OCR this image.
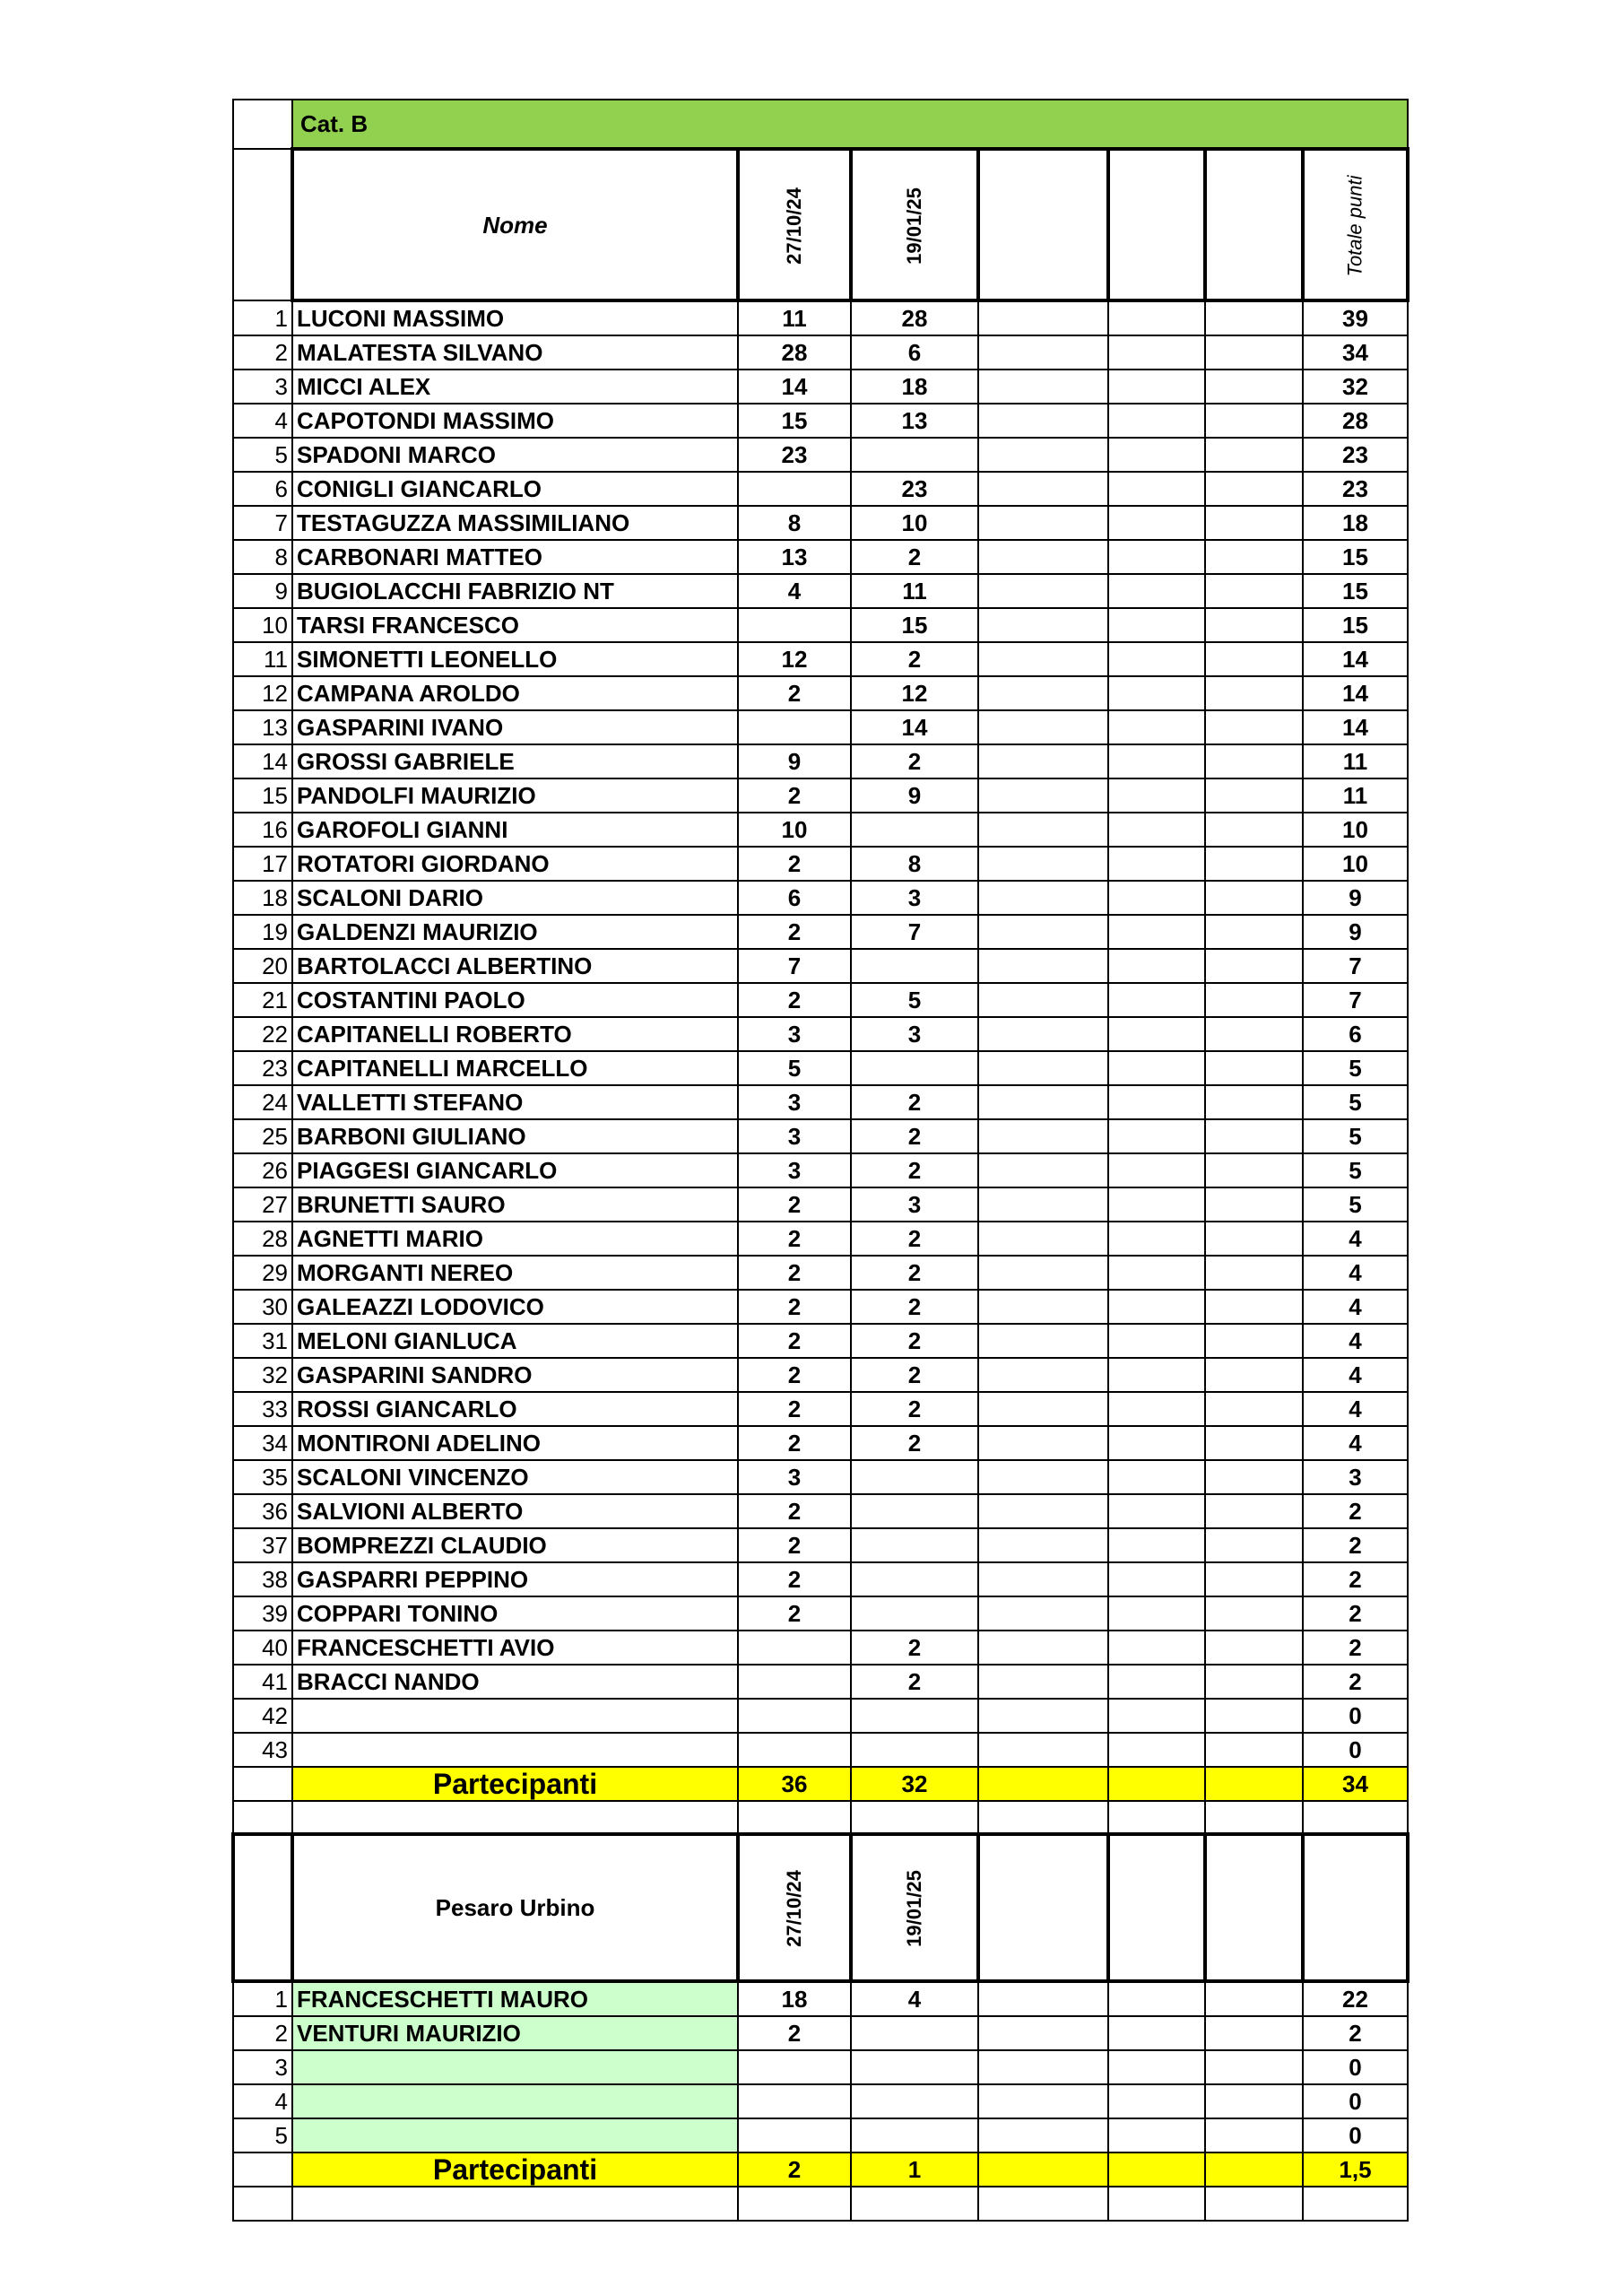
	Cat. B						
	Nome	27/10/24	19/01/25				Totale punti
1	LUCONI MASSIMO	11	28				39
2	MALATESTA SILVANO	28	6				34
3	MICCI ALEX	14	18				32
4	CAPOTONDI MASSIMO	15	13				28
5	SPADONI MARCO	23					23
6	CONIGLI GIANCARLO		23				23
7	TESTAGUZZA MASSIMILIANO	8	10				18
8	CARBONARI MATTEO	13	2				15
9	BUGIOLACCHI FABRIZIO NT	4	11				15
10	TARSI FRANCESCO		15				15
11	SIMONETTI LEONELLO	12	2				14
12	CAMPANA AROLDO	2	12				14
13	GASPARINI IVANO		14				14
14	GROSSI GABRIELE	9	2				11
15	PANDOLFI MAURIZIO	2	9				11
16	GAROFOLI GIANNI	10					10
17	ROTATORI GIORDANO	2	8				10
18	SCALONI DARIO	6	3				9
19	GALDENZI MAURIZIO	2	7				9
20	BARTOLACCI ALBERTINO	7					7
21	COSTANTINI PAOLO	2	5				7
22	CAPITANELLI ROBERTO	3	3				6
23	CAPITANELLI MARCELLO	5					5
24	VALLETTI STEFANO	3	2				5
25	BARBONI GIULIANO	3	2				5
26	PIAGGESI GIANCARLO	3	2				5
27	BRUNETTI SAURO	2	3				5
28	AGNETTI MARIO	2	2				4
29	MORGANTI NEREO	2	2				4
30	GALEAZZI LODOVICO	2	2				4
31	MELONI GIANLUCA	2	2				4
32	GASPARINI SANDRO	2	2				4
33	ROSSI GIANCARLO	2	2				4
34	MONTIRONI ADELINO	2	2				4
35	SCALONI VINCENZO	3					3
36	SALVIONI ALBERTO	2					2
37	BOMPREZZI CLAUDIO	2					2
38	GASPARRI PEPPINO	2					2
39	COPPARI TONINO	2					2
40	FRANCESCHETTI AVIO		2				2
41	BRACCI NANDO		2				2
42							0
43							0
	Partecipanti	36	32				34

	Pesaro Urbino	27/10/24	19/01/25				
1	FRANCESCHETTI MAURO	18	4				22
2	VENTURI MAURIZIO	2					2
3							0
4							0
5							0
	Partecipanti	2	1				1,5
